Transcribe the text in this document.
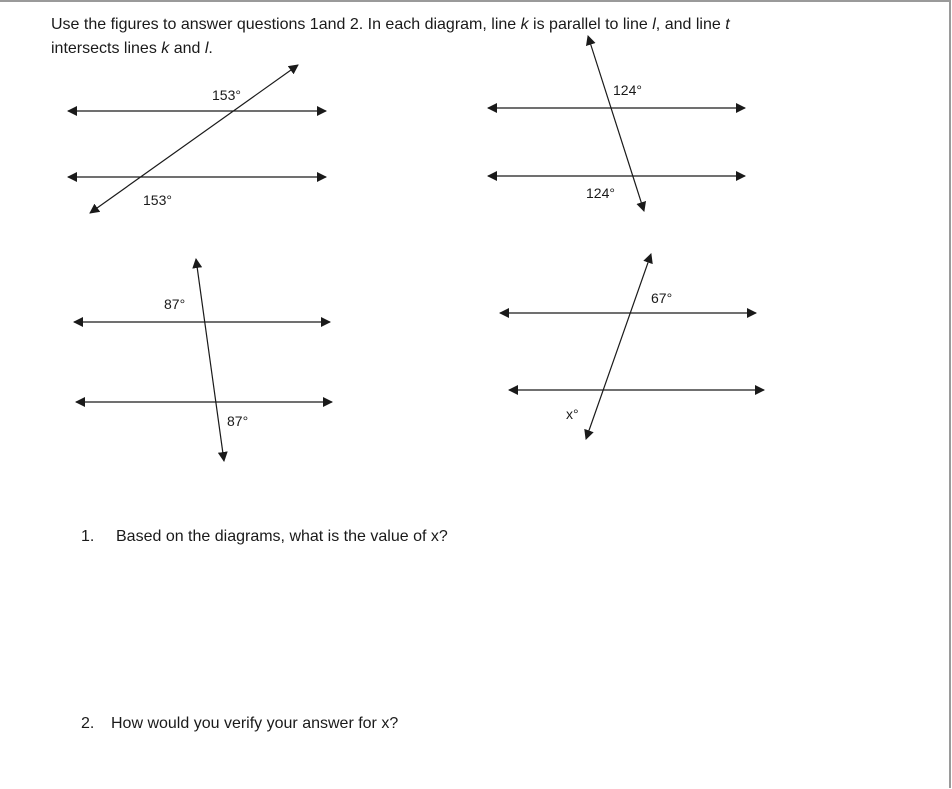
Use the figures to answer questions 1and 2. In each diagram, line k is parallel to line l, and line t
intersects lines k and l.
153°
153°
124°
124°
87°
87°
67°
x°
1. Based on the diagrams, what is the value of x?
2. How would you verify your answer for x?
